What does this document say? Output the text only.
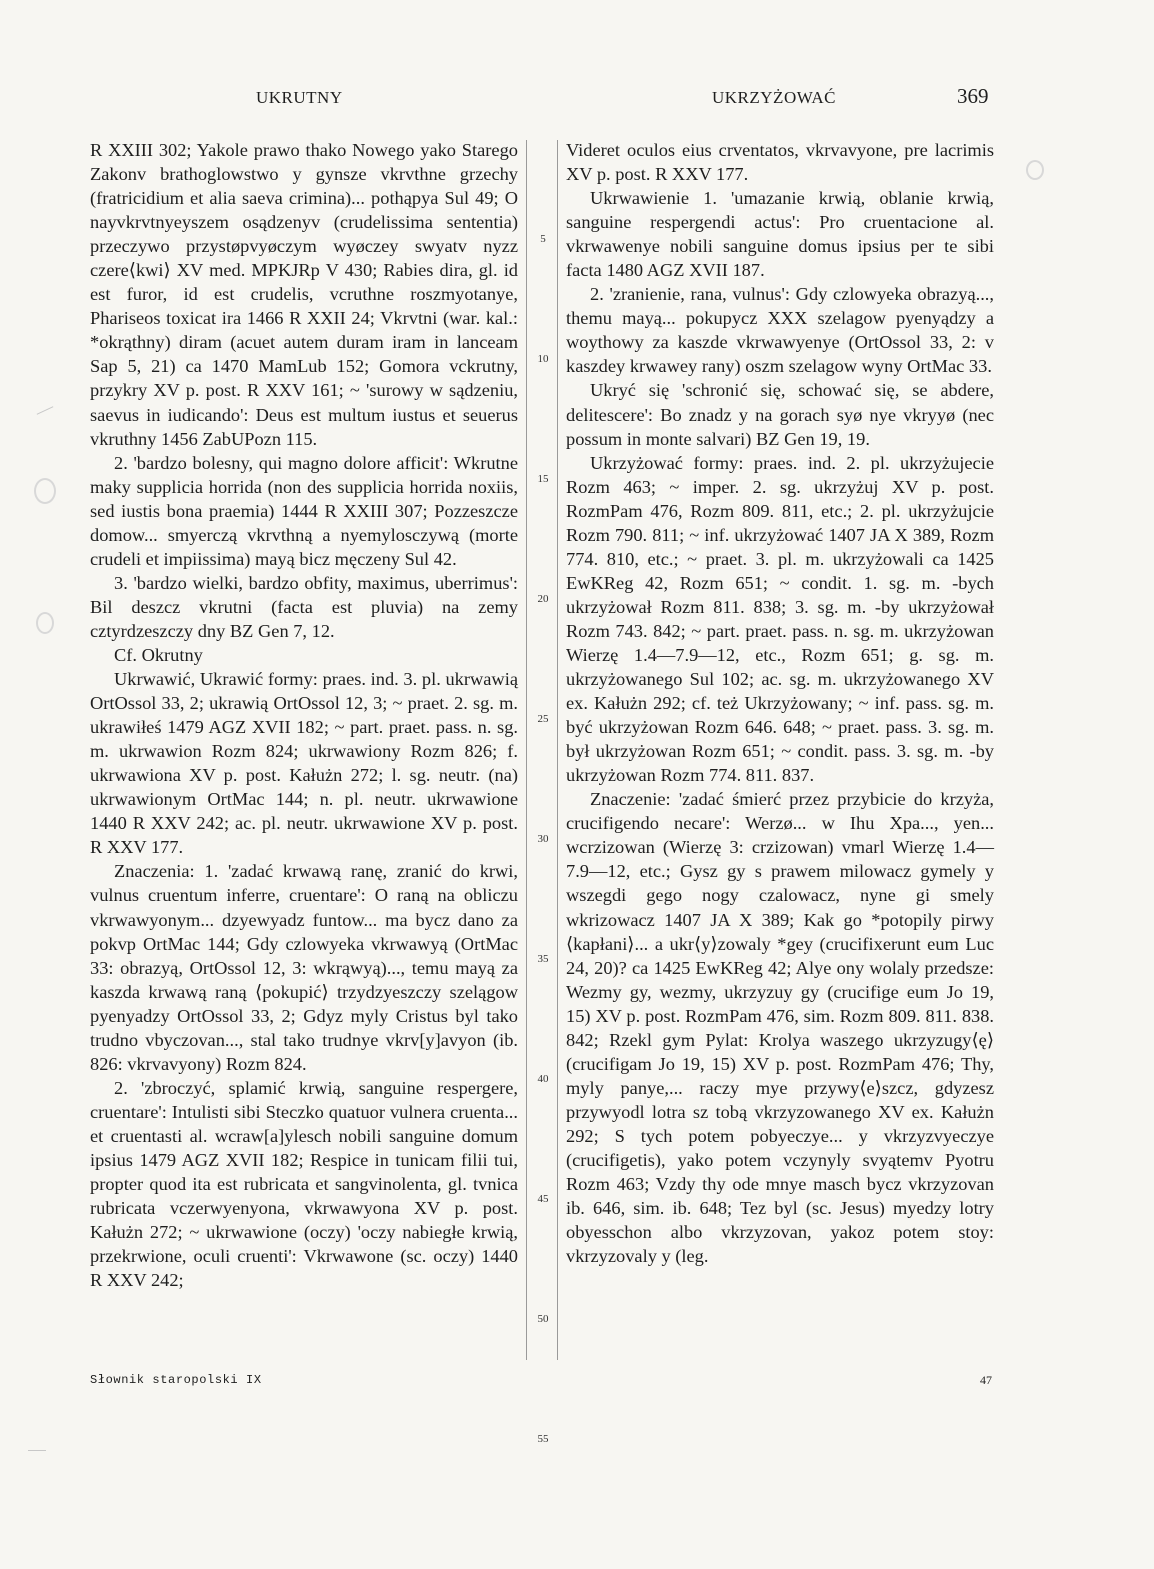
UKRUTNY	UKRZYŻOWAĆ	369

R XXIII 302; Yakole prawo thako Nowego yako Starego Zakonv brathoglowstwo y gynsze vkrvthne grzechy (fratricidium et alia saeva crimina)... pothąpya Sul 49; O nayvkrvtnyeyszem osądzenyv (crudelissima sententia) przeczywo przystøpvyøczym wyøczey swyatv nyzz czere⟨kwi⟩ XV med. MPKJRp V 430; Rabies dira, gl. id est furor, id est crudelis, vcruthne roszmyotanye, Phariseos toxicat ira 1466 R XXII 24; Vkrvtni (war. kal.: *okrąthny) diram (acuet autem duram iram in lanceam Sap 5, 21) ca 1470 MamLub 152; Gomora vckrutny, przykry XV p. post. R XXV 161; ~ 'surowy w sądzeniu, saevus in iudicando': Deus est multum iustus et seuerus vkruthny 1456 ZabUPozn 115.

2. 'bardzo bolesny, qui magno dolore afficit': Wkrutne maky supplicia horrida (non des supplicia horrida noxiis, sed iustis bona praemia) 1444 R XXIII 307; Pozzeszcze domow... smyerczą vkrvthną a nyemylosczywą (morte crudeli et impiissima) mayą bicz męczeny Sul 42.

3. 'bardzo wielki, bardzo obfity, maximus, uberrimus': Bil deszcz vkrutni (facta est pluvia) na zemy cztyrdzeszczy dny BZ Gen 7, 12.

Cf. Okrutny

Ukrwawić, Ukrawić formy: praes. ind. 3. pl. ukrwawią OrtOssol 33, 2; ukrawią OrtOssol 12, 3; ~ praet. 2. sg. m. ukrawiłeś 1479 AGZ XVII 182; ~ part. praet. pass. n. sg. m. ukrwawion Rozm 824; ukrwawiony Rozm 826; f. ukrwawiona XV p. post. Kałużn 272; l. sg. neutr. (na) ukrwawionym OrtMac 144; n. pl. neutr. ukrwawione 1440 R XXV 242; ac. pl. neutr. ukrwawione XV p. post. R XXV 177.

Znaczenia: 1. 'zadać krwawą ranę, zranić do krwi, vulnus cruentum inferre, cruentare': O raną na obliczu vkrwawyonym... dzyewyadz funtow... ma bycz dano za pokvp OrtMac 144; Gdy czlowyeka vkrwawyą (OrtMac 33: obrazyą, OrtOssol 12, 3: wkrąwyą)..., temu mayą za kaszda krwawą raną ⟨pokupić⟩ trzydzyeszczy szelągow pyenyadzy OrtOssol 33, 2; Gdyz myly Cristus byl tako trudno vbyczovan..., stal tako trudnye vkrv[y]avyon (ib. 826: vkrvavyony) Rozm 824.

2. 'zbroczyć, splamić krwią, sanguine respergere, cruentare': Intulisti sibi Steczko quatuor vulnera cruenta... et cruentasti al. wcraw[a]ylesch nobili sanguine domum ipsius 1479 AGZ XVII 182; Respice in tunicam filii tui, propter quod ita est rubricata et sangvinolenta, gl. tvnica rubricata vczerwyenyona, vkrwawyona XV p. post. Kałużn 272; ~ ukrwawione (oczy) 'oczy nabiegłe krwią, przekrwione, oculi cruenti': Vkrwawone (sc. oczy) 1440 R XXV 242;

5
10
15
20
25
30
35
40
45
50
55

Videret oculos eius crventatos, vkrvavyone, pre lacrimis XV p. post. R XXV 177.

Ukrwawienie 1. 'umazanie krwią, oblanie krwią, sanguine respergendi actus': Pro cruentacione al. vkrwawenye nobili sanguine domus ipsius per te sibi facta 1480 AGZ XVII 187.

2. 'zranienie, rana, vulnus': Gdy czlowyeka obrazyą..., themu mayą... pokupycz XXX szelagow pyenyądzy a woythowy za kaszde vkrwawyenye (OrtOssol 33, 2: v kaszdey krwawey rany) oszm szelagow wyny OrtMac 33.

Ukryć się 'schronić się, schować się, se abdere, delitescere': Bo znadz y na gorach syø nye vkryyø (nec possum in monte salvari) BZ Gen 19, 19.

Ukrzyżować formy: praes. ind. 2. pl. ukrzyżujecie Rozm 463; ~ imper. 2. sg. ukrzyżuj XV p. post. RozmPam 476, Rozm 809. 811, etc.; 2. pl. ukrzyżujcie Rozm 790. 811; ~ inf. ukrzyżować 1407 JA X 389, Rozm 774. 810, etc.; ~ praet. 3. pl. m. ukrzyżowali ca 1425 EwKReg 42, Rozm 651; ~ condit. 1. sg. m. -bych ukrzyżował Rozm 811. 838; 3. sg. m. -by ukrzyżował Rozm 743. 842; ~ part. praet. pass. n. sg. m. ukrzyżowan Wierzę 1.4—7.9—12, etc., Rozm 651; g. sg. m. ukrzyżowanego Sul 102; ac. sg. m. ukrzyżowanego XV ex. Kałużn 292; cf. też Ukrzyżowany; ~ inf. pass. sg. m. być ukrzyżowan Rozm 646. 648; ~ praet. pass. 3. sg. m. był ukrzyżowan Rozm 651; ~ condit. pass. 3. sg. m. -by ukrzyżowan Rozm 774. 811. 837.

Znaczenie: 'zadać śmierć przez przybicie do krzyża, crucifigendo necare': Werzø... w Ihu Xpa..., yen... wcrzizowan (Wierzę 3: crzizowan) vmarl Wierzę 1.4—7.9—12, etc.; Gysz gy s prawem milowacz gymely y wszegdi gego nogy czalowacz, nyne gi smely wkrizowacz 1407 JA X 389; Kak go *potopily pirwy ⟨kapłani⟩... a ukr⟨y⟩zowaly *gey (crucifixerunt eum Luc 24, 20)? ca 1425 EwKReg 42; Alye ony wolaly przedsze: Wezmy gy, wezmy, ukrzyzuy gy (crucifige eum Jo 19, 15) XV p. post. RozmPam 476, sim. Rozm 809. 811. 838. 842; Rzekl gym Pylat: Krolya waszego ukrzyzugy⟨ę⟩ (crucifigam Jo 19, 15) XV p. post. RozmPam 476; Thy, myly panye,... raczy mye przywy⟨e⟩szcz, gdyzesz przywyodl lotra sz tobą vkrzyzowanego XV ex. Kałużn 292; S tych potem pobyeczye... y vkrzyzvyeczye (crucifigetis), yako potem vczynyly svyątemv Pyotru Rozm 463; Vzdy thy ode mnye masch bycz vkrzyzovan ib. 646, sim. ib. 648; Tez byl (sc. Jesus) myedzy lotry obyesschon albo vkrzyzovan, yakoz potem stoy: vkrzyzovaly y (leg.

Słownik staropolski IX	47
